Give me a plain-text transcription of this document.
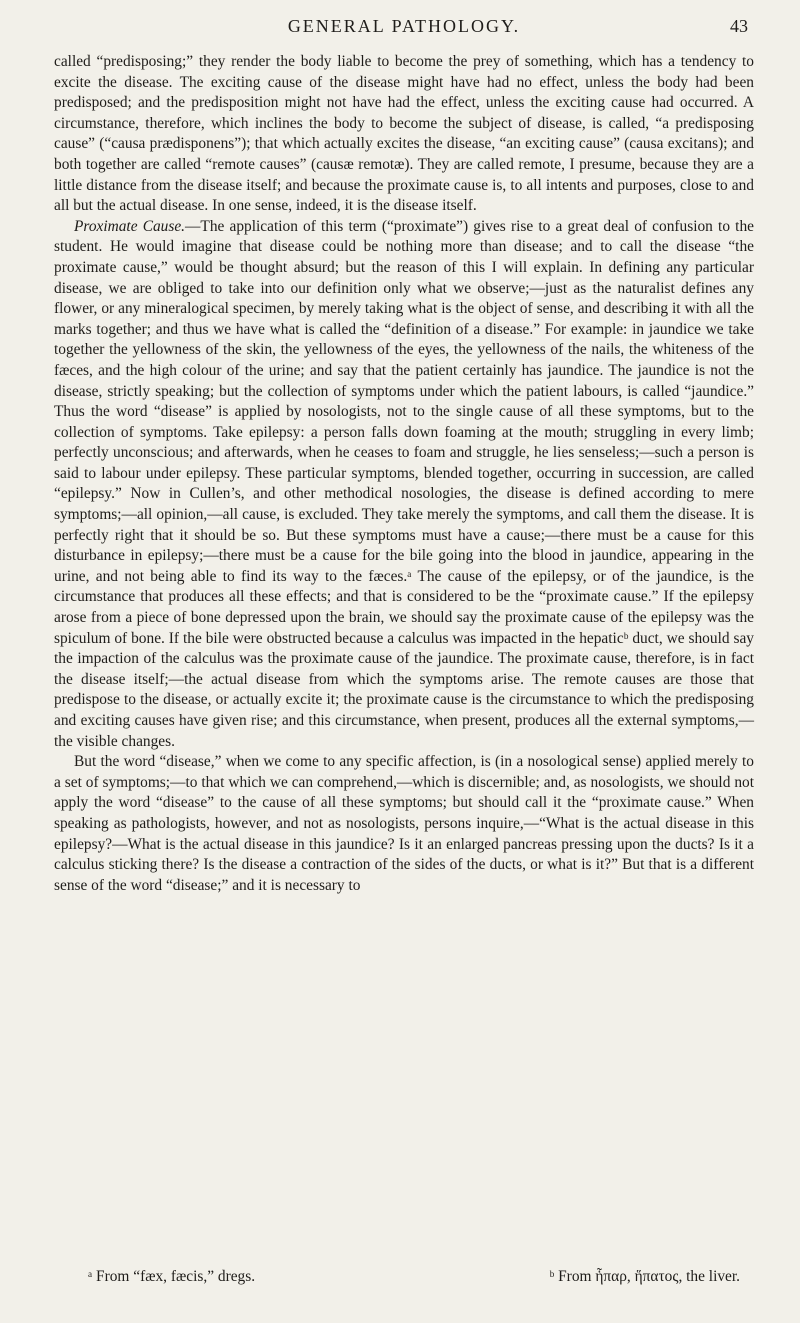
GENERAL PATHOLOGY.	43

called “predisposing;” they render the body liable to become the prey of something, which has a tendency to excite the disease. The exciting cause of the disease might have had no effect, unless the body had been predisposed; and the predisposition might not have had the effect, unless the exciting cause had occurred. A circumstance, therefore, which inclines the body to become the subject of disease, is called, “a predisposing cause” (“causa prædisponens”); that which actually excites the disease, “an exciting cause” (causa excitans); and both together are called “remote causes” (causæ remotæ). They are called remote, I presume, because they are a little distance from the disease itself; and because the proximate cause is, to all intents and purposes, close to and all but the actual disease. In one sense, indeed, it is the disease itself.

Proximate Cause.—The application of this term (“proximate”) gives rise to a great deal of confusion to the student. He would imagine that disease could be nothing more than disease; and to call the disease “the proximate cause,” would be thought absurd; but the reason of this I will explain. In defining any particular disease, we are obliged to take into our definition only what we observe;—just as the naturalist defines any flower, or any mineralogical specimen, by merely taking what is the object of sense, and describing it with all the marks together; and thus we have what is called the “definition of a disease.” For example: in jaundice we take together the yellowness of the skin, the yellowness of the eyes, the yellowness of the nails, the whiteness of the fæces, and the high colour of the urine; and say that the patient certainly has jaundice. The jaundice is not the disease, strictly speaking; but the collection of symptoms under which the patient labours, is called “jaundice.” Thus the word “disease” is applied by nosologists, not to the single cause of all these symptoms, but to the collection of symptoms. Take epilepsy: a person falls down foaming at the mouth; struggling in every limb; perfectly unconscious; and afterwards, when he ceases to foam and struggle, he lies senseless;—such a person is said to labour under epilepsy. These particular symptoms, blended together, occurring in succession, are called “epilepsy.” Now in Cullen’s, and other methodical nosologies, the disease is defined according to mere symptoms;—all opinion,—all cause, is excluded. They take merely the symptoms, and call them the disease. It is perfectly right that it should be so. But these symptoms must have a cause;—there must be a cause for this disturbance in epilepsy;—there must be a cause for the bile going into the blood in jaundice, appearing in the urine, and not being able to find its way to the fæces.ᵃ The cause of the epilepsy, or of the jaundice, is the circumstance that produces all these effects; and that is considered to be the “proximate cause.” If the epilepsy arose from a piece of bone depressed upon the brain, we should say the proximate cause of the epilepsy was the spiculum of bone. If the bile were obstructed because a calculus was impacted in the hepaticᵇ duct, we should say the impaction of the calculus was the proximate cause of the jaundice. The proximate cause, therefore, is in fact the disease itself;—the actual disease from which the symptoms arise. The remote causes are those that predispose to the disease, or actually excite it; the proximate cause is the circumstance to which the predisposing and exciting causes have given rise; and this circumstance, when present, produces all the external symptoms,—the visible changes.

But the word “disease,” when we come to any specific affection, is (in a nosological sense) applied merely to a set of symptoms;—to that which we can comprehend,—which is discernible; and, as nosologists, we should not apply the word “disease” to the cause of all these symptoms; but should call it the “proximate cause.” When speaking as pathologists, however, and not as nosologists, persons inquire,—“What is the actual disease in this epilepsy?—What is the actual disease in this jaundice? Is it an enlarged pancreas pressing upon the ducts? Is it a calculus sticking there? Is the disease a contraction of the sides of the ducts, or what is it?” But that is a different sense of the word “disease;” and it is necessary to

ᵃ From “fæx, fæcis,” dregs.	ᵇ From ἧπαρ, ἥπατος, the liver.
